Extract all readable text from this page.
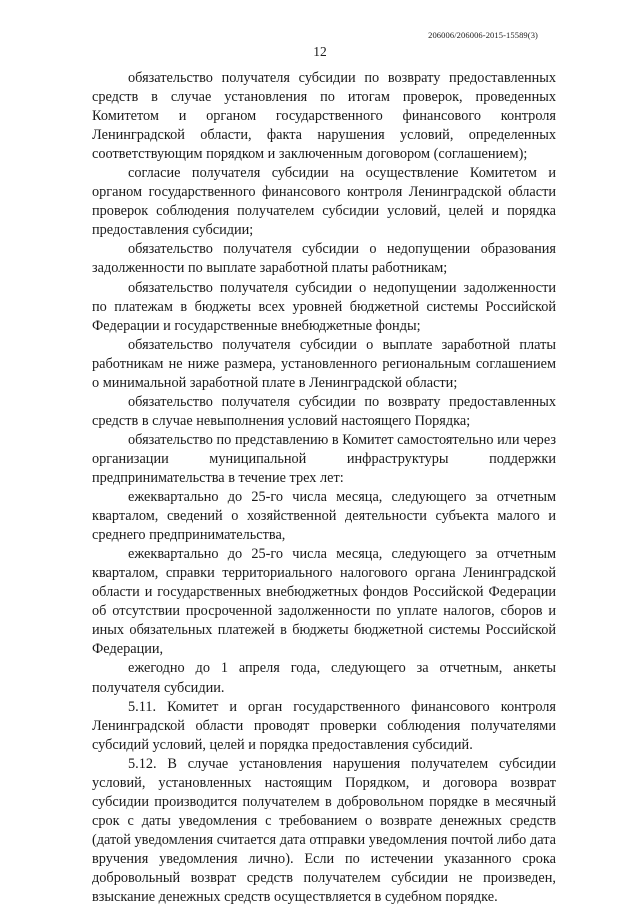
206006/206006-2015-15589(3)
12

обязательство получателя субсидии по возврату предоставленных средств в случае установления по итогам проверок, проведенных Комитетом и органом государственного финансового контроля Ленинградской области, факта нарушения условий, определенных соответствующим порядком и заключенным договором (соглашением);

согласие получателя субсидии на осуществление Комитетом и органом государственного финансового контроля Ленинградской области проверок соблюдения получателем субсидии условий, целей и порядка предоставления субсидии;

обязательство получателя субсидии о недопущении образования задолженности по выплате заработной платы работникам;

обязательство получателя субсидии о недопущении задолженности по платежам в бюджеты всех уровней бюджетной системы Российской Федерации и государственные внебюджетные фонды;

обязательство получателя субсидии о выплате заработной платы работникам не ниже размера, установленного региональным соглашением о минимальной заработной плате в Ленинградской области;

обязательство получателя субсидии по возврату предоставленных средств в случае невыполнения условий настоящего Порядка;

обязательство по представлению в Комитет самостоятельно или через организации муниципальной инфраструктуры поддержки предпринимательства в течение трех лет:

ежеквартально до 25-го числа месяца, следующего за отчетным кварталом, сведений о хозяйственной деятельности субъекта малого и среднего предпринимательства,

ежеквартально до 25-го числа месяца, следующего за отчетным кварталом, справки территориального налогового органа Ленинградской области и государственных внебюджетных фондов Российской Федерации об отсутствии просроченной задолженности по уплате налогов, сборов и иных обязательных платежей в бюджеты бюджетной системы Российской Федерации,

ежегодно до 1 апреля года, следующего за отчетным, анкеты получателя субсидии.

5.11. Комитет и орган государственного финансового контроля Ленинградской области проводят проверки соблюдения получателями субсидий условий, целей и порядка предоставления субсидий.

5.12. В случае установления нарушения получателем субсидии условий, установленных настоящим Порядком, и договора возврат субсидии производится получателем в добровольном порядке в месячный срок с даты уведомления с требованием о возврате денежных средств (датой уведомления считается дата отправки уведомления почтой либо дата вручения уведомления лично). Если по истечении указанного срока добровольный возврат средств получателем субсидии не произведен, взыскание денежных средств осуществляется в судебном порядке.
